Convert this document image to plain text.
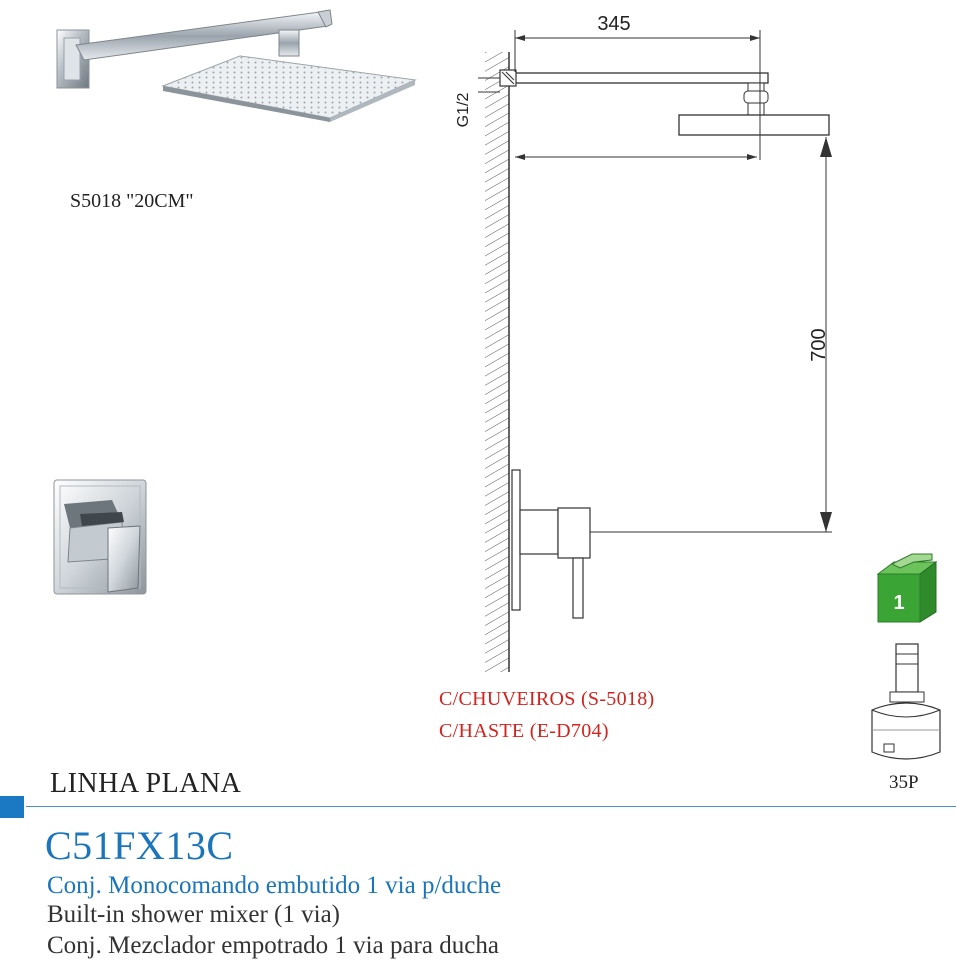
S5018 "20CM"
345
700
G1/2
C/CHUVEIROS (S-5018)
C/HASTE (E-D704)
1
35P
LINHA PLANA
C51FX13C
Conj. Monocomando embutido 1 via p/duche
Built-in shower mixer (1 via)
Conj. Mezclador empotrado 1 via para ducha
